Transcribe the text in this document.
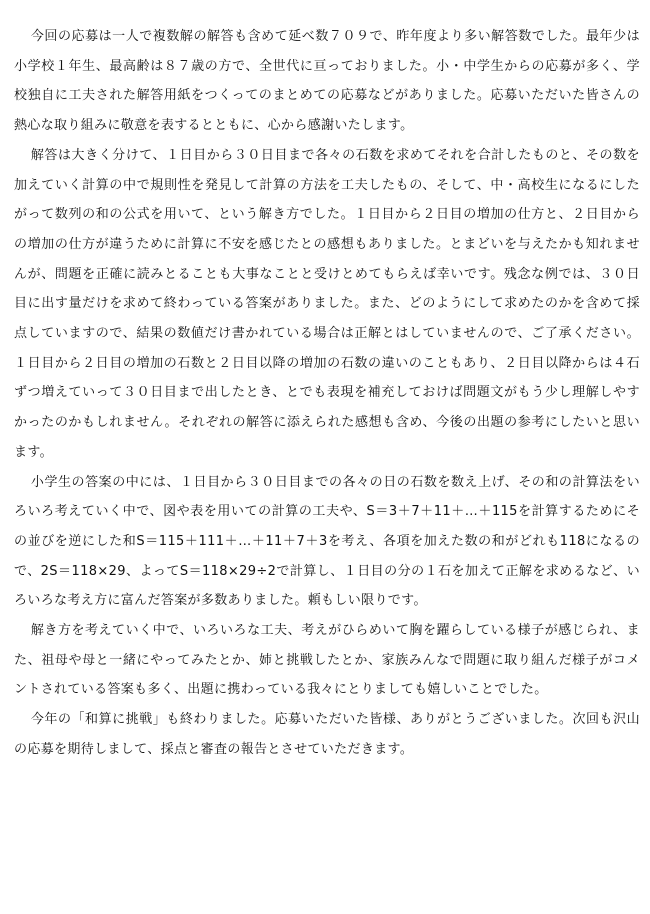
今回の応募は一人で複数解の解答も含めて延べ数７０９で、昨年度より多い解答数でした。最年少は小学校１年生、最高齢は８７歳の方で、全世代に亘っておりました。小・中学生からの応募が多く、学校独自に工夫された解答用紙をつくってのまとめての応募などがありました。応募いただいた皆さんの熱心な取り組みに敬意を表するとともに、心から感謝いたします。

解答は大きく分けて、１日目から３０日目まで各々の石数を求めてそれを合計したものと、その数を加えていく計算の中で規則性を発見して計算の方法を工夫したもの、そして、中・高校生になるにしたがって数列の和の公式を用いて、という解き方でした。１日目から２日目の増加の仕方と、２日目からの増加の仕方が違うために計算に不安を感じたとの感想もありました。とまどいを与えたかも知れませんが、問題を正確に読みとることも大事なことと受けとめてもらえば幸いです。残念な例では、３０日目に出す量だけを求めて終わっている答案がありました。また、どのようにして求めたのかを含めて採点していますので、結果の数値だけ書かれている場合は正解とはしていませんので、ご了承ください。１日目から２日目の増加の石数と２日目以降の増加の石数の違いのこともあり、２日目以降からは４石ずつ増えていって３０日目まで出したとき、とでも表現を補充しておけば問題文がもう少し理解しやすかったのかもしれません。それぞれの解答に添えられた感想も含め、今後の出題の参考にしたいと思います。

小学生の答案の中には、１日目から３０日目までの各々の日の石数を数え上げ、その和の計算法をいろいろ考えていく中で、図や表を用いての計算の工夫や、S＝3＋7＋11＋…＋115を計算するためにその並びを逆にした和S＝115＋111＋…＋11＋7＋3を考え、各項を加えた数の和がどれも118になるので、2S＝118×29、よってS＝118×29÷2で計算し、１日目の分の１石を加えて正解を求めるなど、いろいろな考え方に富んだ答案が多数ありました。頼もしい限りです。

解き方を考えていく中で、いろいろな工夫、考えがひらめいて胸を躍らしている様子が感じられ、また、祖母や母と一緒にやってみたとか、姉と挑戦したとか、家族みんなで問題に取り組んだ様子がコメントされている答案も多く、出題に携わっている我々にとりましても嬉しいことでした。

今年の「和算に挑戦」も終わりました。応募いただいた皆様、ありがとうございました。次回も沢山の応募を期待しまして、採点と審査の報告とさせていただきます。
